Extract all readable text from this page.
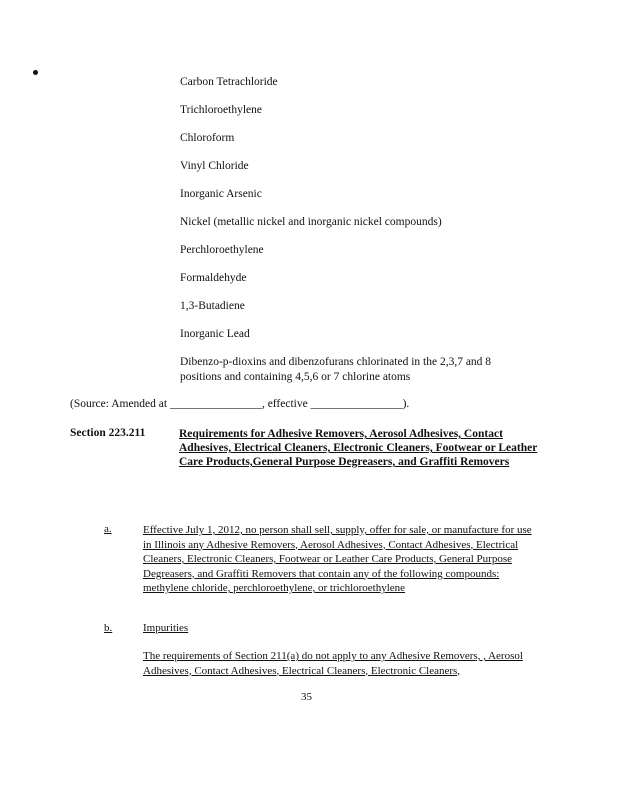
Carbon Tetrachloride
Trichloroethylene
Chloroform
Vinyl Chloride
Inorganic Arsenic
Nickel (metallic nickel and inorganic nickel compounds)
Perchloroethylene
Formaldehyde
1,3-Butadiene
Inorganic Lead
Dibenzo-p-dioxins and dibenzofurans chlorinated in the 2,3,7 and 8
positions and containing 4,5,6 or 7 chlorine atoms
(Source: Amended at ________________, effective ________________).
Section 223.211	Requirements for Adhesive Removers, Aerosol Adhesives, Contact Adhesives, Electrical Cleaners, Electronic Cleaners, Footwear or Leather Care Products,General Purpose Degreasers, and Graffiti Removers
a.	Effective July 1, 2012, no person shall sell, supply, offer for sale, or manufacture for use in Illinois any Adhesive Removers, Aerosol Adhesives, Contact Adhesives, Electrical Cleaners, Electronic Cleaners, Footwear or Leather Care Products, General Purpose Degreasers, and Graffiti Removers that contain any of the following compounds: methylene chloride, perchloroethylene, or trichloroethylene
b.	Impurities
The requirements of Section 211(a) do not apply to any Adhesive Removers, , Aerosol Adhesives, Contact Adhesives, Electrical Cleaners, Electronic Cleaners,
35
